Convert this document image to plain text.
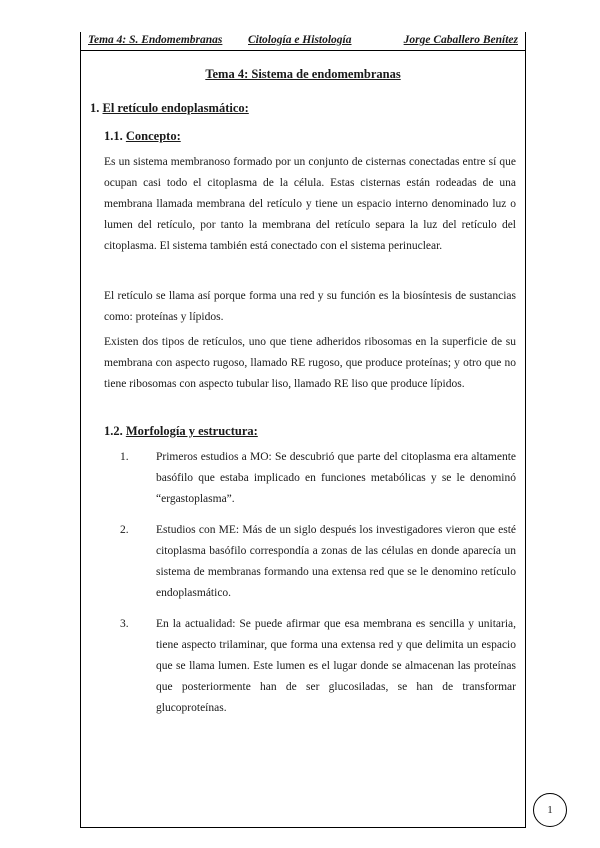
Tema 4: S. Endomembranas Citología e Histología	Jorge Caballero Benítez
Tema 4: Sistema de endomembranas
1. El retículo endoplasmático:
1.1. Concepto:

Es un sistema membranoso formado por un conjunto de cisternas conectadas entre sí que ocupan casi todo el citoplasma de la célula. Estas cisternas están rodeadas de una membrana llamada membrana del retículo y tiene un espacio interno denominado luz o lumen del retículo, por tanto la membrana del retículo separa la luz del retículo del citoplasma. El sistema también está conectado con el sistema perinuclear.

El retículo se llama así porque forma una red y su función es la biosíntesis de sustancias como: proteínas y lípidos.

Existen dos tipos de retículos, uno que tiene adheridos ribosomas en la superficie de su membrana con aspecto rugoso, llamado RE rugoso, que produce proteínas; y otro que no tiene ribosomas con aspecto tubular liso, llamado RE liso que produce lípidos.

1.2. Morfología y estructura:
1. Primeros estudios a MO: Se descubrió que parte del citoplasma era altamente basófilo que estaba implicado en funciones metabólicas y se le denominó “ergastoplasma”.
2. Estudios con ME: Más de un siglo después los investigadores vieron que esté citoplasma basófilo correspondía a zonas de las células en donde aparecía un sistema de membranas formando una extensa red que se le denomino retículo endoplasmático.
3. En la actualidad: Se puede afirmar que esa membrana es sencilla y unitaria, tiene aspecto trilaminar, que forma una extensa red y que delimita un espacio que se llama lumen. Este lumen es el lugar donde se almacenan las proteínas que posteriormente han de ser glucosiladas, se han de transformar glucoproteínas.
1
